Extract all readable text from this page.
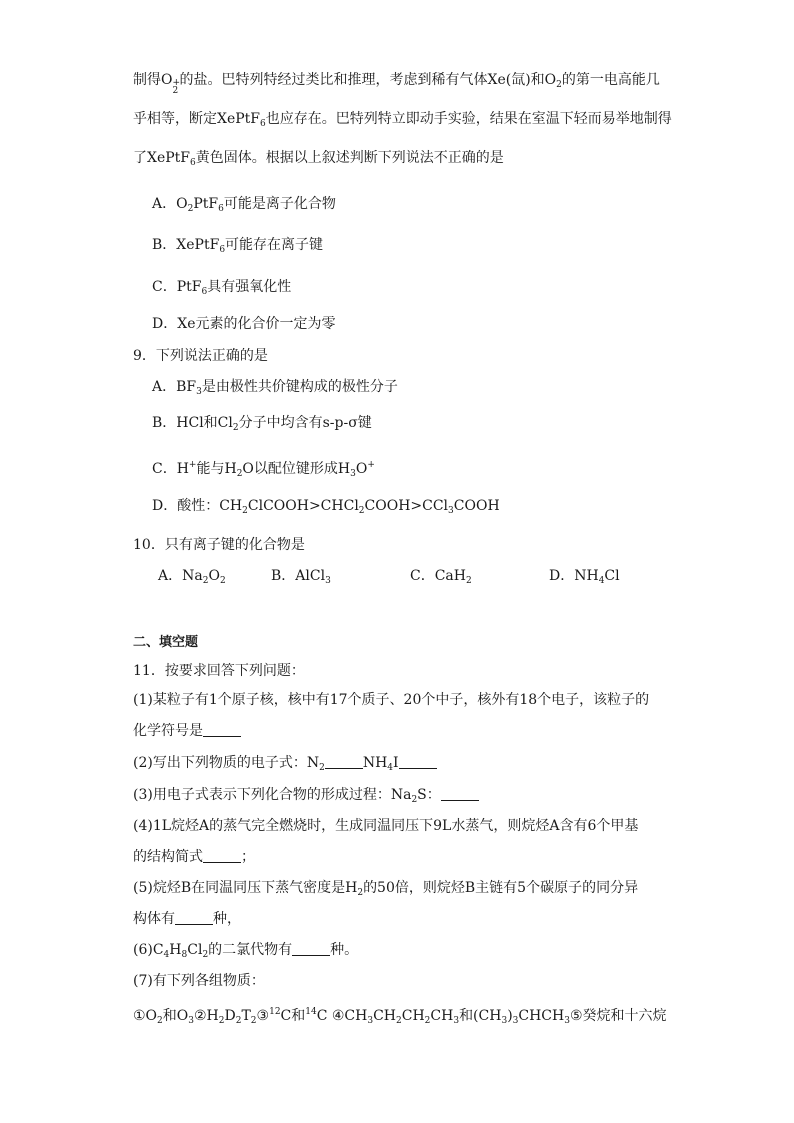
制得O +
2
的盐。巴特列特经过类比和推理，考虑到稀有气体Xe(氙)和$O_2$的第一电高能几
乎相等，断定XePtF$_6$也应存在。巴特列特立即动手实验，结果在室温下轻而易举地制得
了XePtF$_6$黄色固体。根据以上叙述判断下列说法不正确的是
A．$O_2PtF_6$可能是离子化合物
B．XePtF$_6$可能存在离子键
C．PtF$_6$具有强氧化性
D．Xe元素的化合价一定为零
9．下列说法正确的是
A．$BF_3$是由极性共价键构成的极性分子
B．HCl和$Cl_2$分子中均含有s-p-σ键
C．H+能与$H_2O$以配位键形成$H_3O^+$
D．酸性：$CH_2ClCOOH>CHCl_2COOH>CCl_3COOH$
10．只有离子键的化合物是
A．$Na_2O_2$	B．AlCl$_3$	C．CaH$_2$	D．$NH_4Cl$
二、填空题
11．按要求回答下列问题：
(1)某粒子有1个原子核，核中有17个质子、20个中子，核外有18个电子，该粒子的
化学符号是
(2)写出下列物质的电子式：$N_2$	$NH_4I$
(3)用电子式表示下列化合物的形成过程：$Na_2S$：
(4)1L烷烃A的蒸气完全燃烧时，生成同温同压下9L水蒸气，则烷烃A含有6个甲基
的结构简式	；
(5)烷烃B在同温同压下蒸气密度是$H_2$的50倍，则烷烃B主链有5个碳原子的同分异
构体有	种，
$(6)C_4H_8Cl_2$的二氯代物有	种。
(7)有下列各组物质：
$①O_2$和$O_3②H_2D_2T_2③^{12}C$和$^{14}$C $④CH_3CH_2CH_2CH_3$和$(CH_3)_3CHCH_3⑤$癸烷和十六烷
